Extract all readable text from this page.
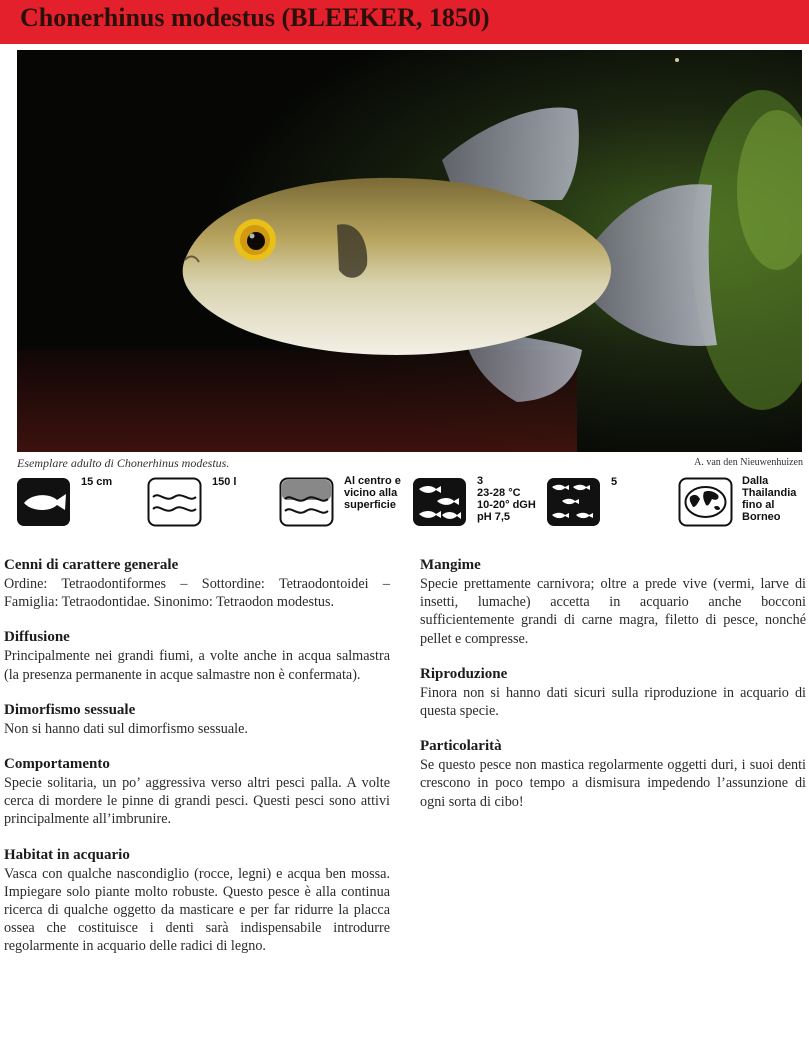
Chonerhinus modestus (BLEEKER, 1850)
Esemplare adulto di Chonerhinus modestus.	A. van den Nieuwenhuizen
15 cm	150 l	Al centro e
vicino alla
superficie
3
23-28 °C
10-20° dGH
pH 7,5
5	Dalla
Thailandia
fino al
Borneo
Cenni di carattere generale

Ordine: Tetraodontiformes – Sottordine: Tetraodontoidei – Famiglia: Tetraodontidae. Sinonimo: Tetraodon modestus.

Diffusione

Principalmente nei grandi fiumi, a volte anche in acqua salmastra (la presenza permanente in acque salmastre non è confermata).

Dimorfismo sessuale

Non si hanno dati sul dimorfismo sessuale.

Comportamento

Specie solitaria, un po’ aggressiva verso altri pesci palla. A volte cerca di mordere le pinne di grandi pesci. Questi pesci sono attivi principalmente all’imbrunire.

Habitat in acquario

Vasca con qualche nascondiglio (rocce, legni) e acqua ben mossa. Impiegare solo piante molto robuste. Questo pesce è alla continua ricerca di qualche oggetto da masticare e per far ridurre la placca ossea che costituisce i denti sarà indispensabile introdurre regolarmente in acquario delle radici di legno.

Mangime

Specie prettamente carnivora; oltre a prede vive (vermi, larve di insetti, lumache) accetta in acquario anche bocconi sufficientemente grandi di carne magra, filetto di pesce, nonché pellet e compresse.

Riproduzione

Finora non si hanno dati sicuri sulla riproduzione in acquario di questa specie.

Particolarità

Se questo pesce non mastica regolarmente oggetti duri, i suoi denti crescono in poco tempo a dismisura impedendo l’assunzione di ogni sorta di cibo!
